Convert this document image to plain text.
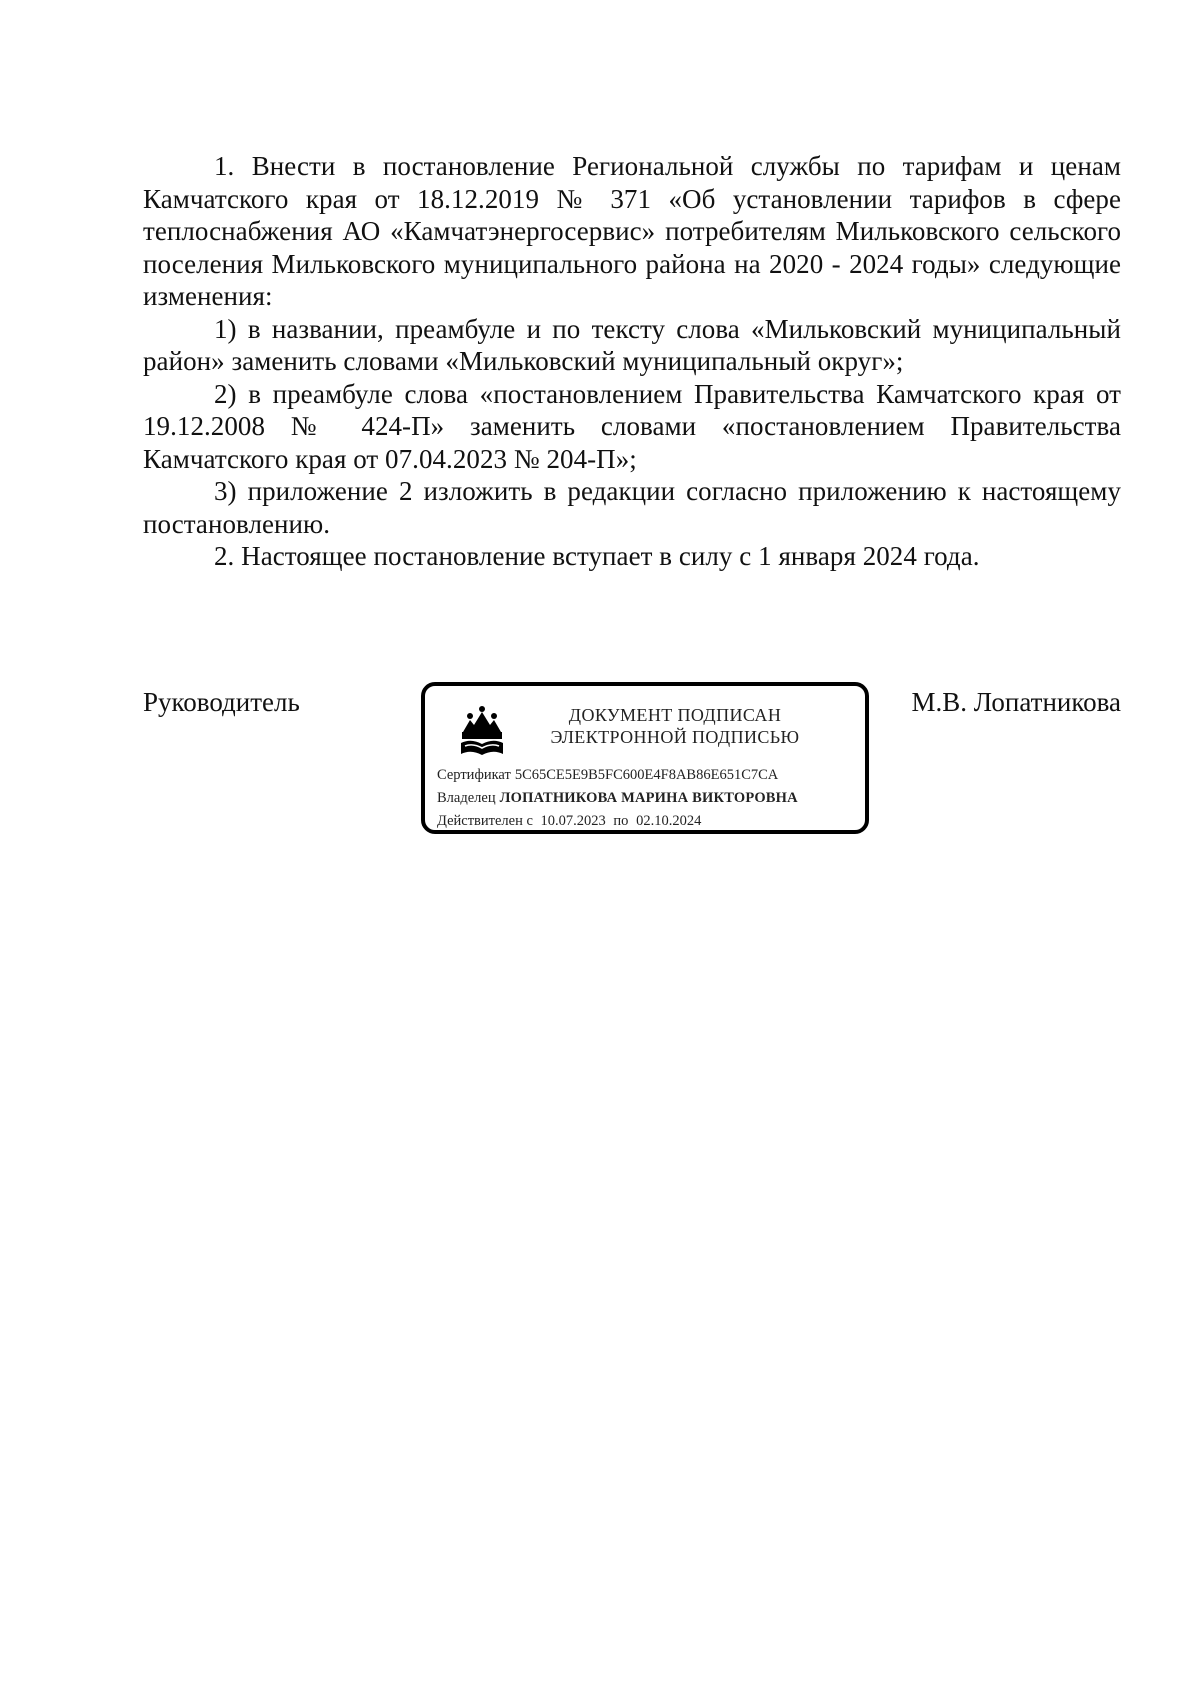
1. Внести в постановление Региональной службы по тарифам и ценам Камчатского края от 18.12.2019 № 371 «Об установлении тарифов в сфере теплоснабжения АО «Камчатэнергосервис» потребителям Мильковского сельского поселения Мильковского муниципального района на 2020 - 2024 годы» следующие изменения:

1) в названии, преамбуле и по тексту слова «Мильковский муниципальный район» заменить словами «Мильковский муниципальный округ»;

2) в преамбуле слова «постановлением Правительства Камчатского края от 19.12.2008 № 424-П» заменить словами «постановлением Правительства Камчатского края от 07.04.2023 № 204-П»;

3) приложение 2 изложить в редакции согласно приложению к настоящему постановлению.

2. Настоящее постановление вступает в силу с 1 января 2024 года.

Руководитель	ДОКУМЕНТ ПОДПИСАН
ЭЛЕКТРОННОЙ ПОДПИСЬЮ
Сертификат 5C65CE5E9B5FC600E4F8AB86E651C7CA
Владелец ЛОПАТНИКОВА МАРИНА ВИКТОРОВНА
Действителен с 10.07.2023 по 02.10.2024
М.В. Лопатникова
